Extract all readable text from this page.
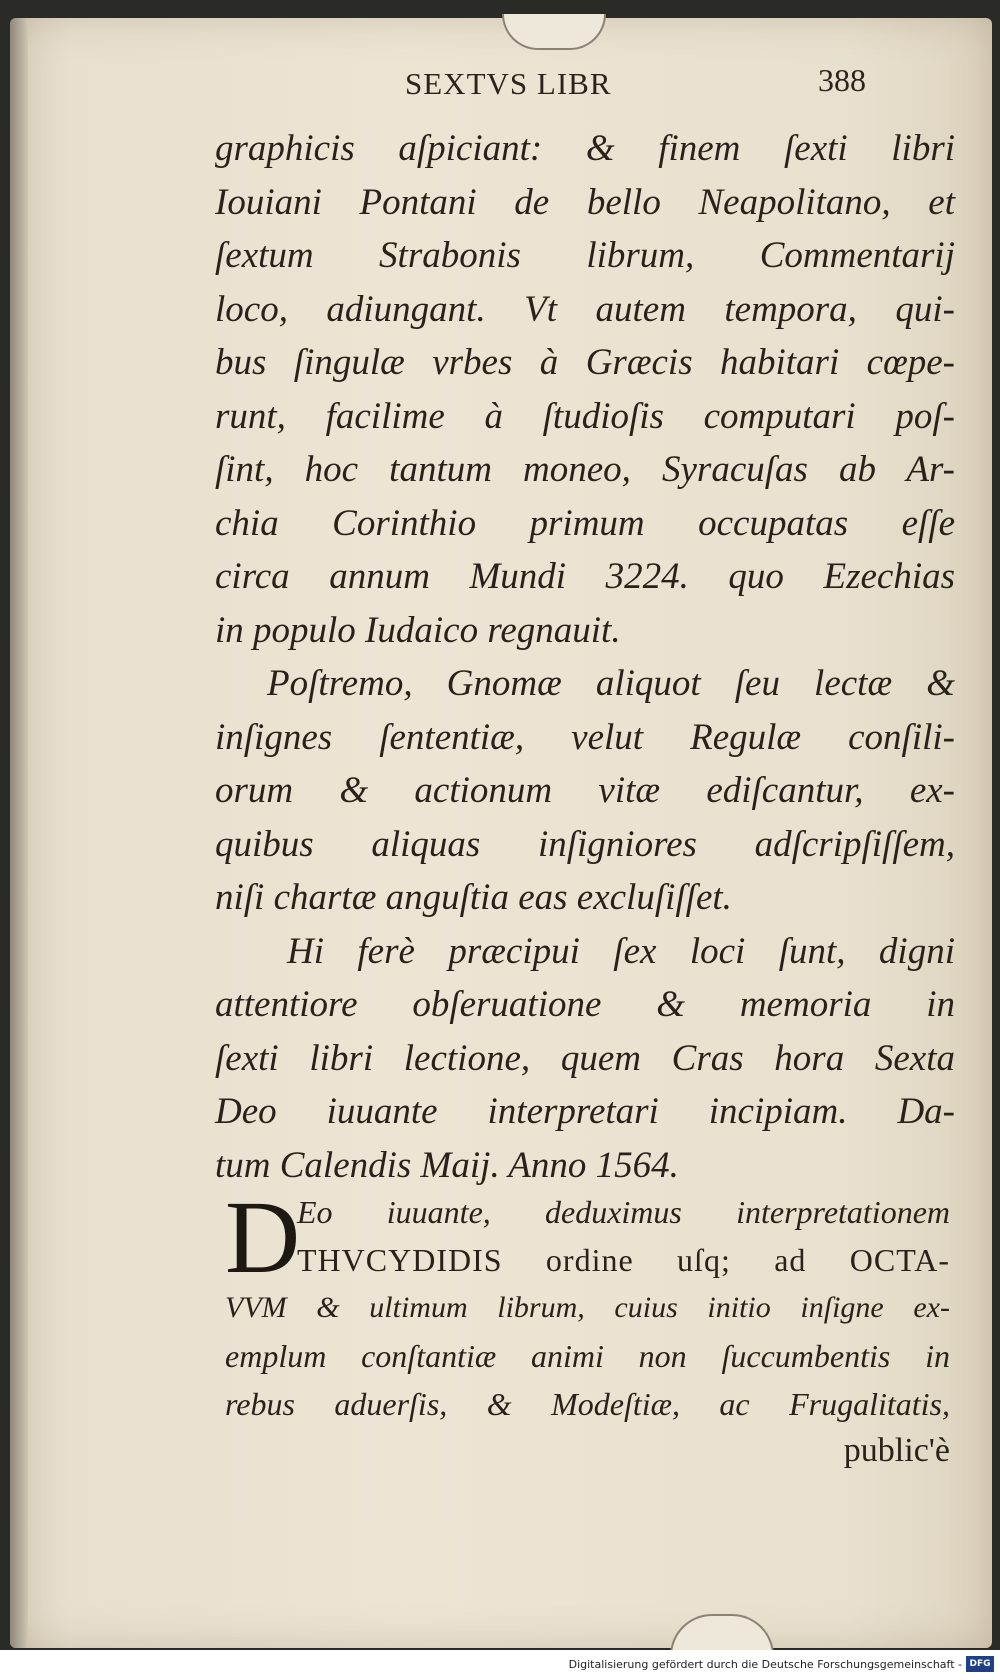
SEXTVS LIBR	388
graphicis aſpiciant: & finem ſexti libri
Iouiani Pontani de bello Neapolitano, et
ſextum Strabonis librum, Commentarij
loco, adiungant. Vt autem tempora, qui-
bus ſingulæ vrbes à Græcis habitari cœpe-
runt, facilime à ſtudioſis computari poſ-
ſint, hoc tantum moneo, Syracuſas ab Ar-
chia Corinthio primum occupatas eſſe
circa annum Mundi 3224. quo Ezechias
in populo Iudaico regnauit.
Poſtremo, Gnomæ aliquot ſeu lectæ &
inſignes ſententiæ, velut Regulæ conſili-
orum & actionum vitæ ediſcantur, ex-
quibus aliquas inſigniores adſcripſiſſem,
niſi chartæ anguſtia eas excluſiſſet.
Hi ferè præcipui ſex loci ſunt, digni
attentiore obſeruatione & memoria in
ſexti libri lectione, quem Cras hora Sexta
Deo iuuante interpretari incipiam. Da-
tum Calendis Maij. Anno 1564.
D
Eo iuuante, deduximus interpretationem
THVCYDIDIS ordine uſq; ad OCTA-
VVM & ultimum librum, cuius initio inſigne ex-
emplum conſtantiæ animi non ſuccumbentis in
rebus aduerſis, & Modeſtiæ, ac Frugalitatis,
public'è
Digitalisierung gefördert durch die Deutsche Forschungsgemeinschaft - DFG
